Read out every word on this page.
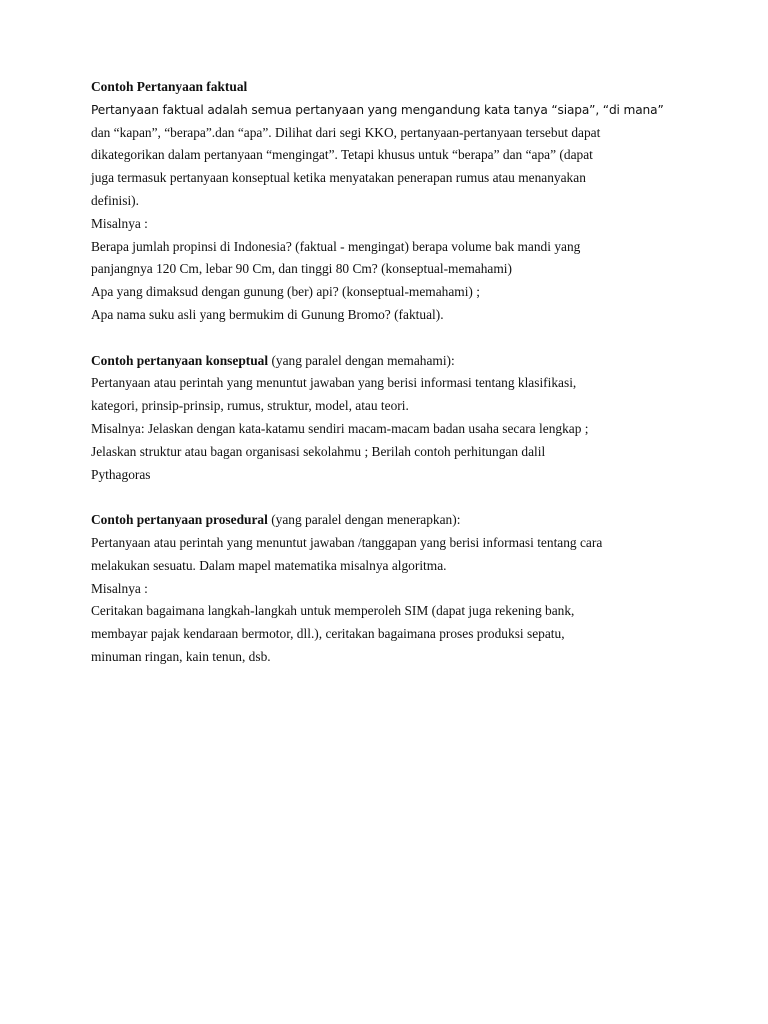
Contoh Pertanyaan faktual
Pertanyaan faktual adalah semua pertanyaan yang mengandung kata tanya “siapa”, “di mana”
dan “kapan”, “berapa”.dan “apa”. Dilihat dari segi KKO, pertanyaan-pertanyaan tersebut dapat
dikategorikan dalam pertanyaan “mengingat”. Tetapi khusus untuk “berapa” dan “apa” (dapat
juga termasuk pertanyaan konseptual ketika menyatakan penerapan rumus atau menanyakan
definisi).
Misalnya :
Berapa jumlah propinsi di Indonesia? (faktual - mengingat) berapa volume bak mandi yang
panjangnya 120 Cm, lebar 90 Cm, dan tinggi 80 Cm? (konseptual-memahami)
Apa yang dimaksud dengan gunung (ber) api? (konseptual-memahami) ;
Apa nama suku asli yang bermukim di Gunung Bromo? (faktual).
Contoh pertanyaan konseptual (yang paralel dengan memahami):
Pertanyaan atau perintah yang menuntut jawaban yang berisi informasi tentang klasifikasi,
kategori, prinsip-prinsip, rumus, struktur, model, atau teori.
Misalnya: Jelaskan dengan kata-katamu sendiri macam-macam badan usaha secara lengkap ;
Jelaskan struktur atau bagan organisasi sekolahmu ; Berilah contoh perhitungan dalil
Pythagoras
Contoh pertanyaan prosedural (yang paralel dengan menerapkan):
Pertanyaan atau perintah yang menuntut jawaban /tanggapan yang berisi informasi tentang cara
melakukan sesuatu. Dalam mapel matematika misalnya algoritma.
Misalnya :
Ceritakan bagaimana langkah-langkah untuk memperoleh SIM (dapat juga rekening bank,
membayar pajak kendaraan bermotor, dll.), ceritakan bagaimana proses produksi sepatu,
minuman ringan, kain tenun, dsb.
